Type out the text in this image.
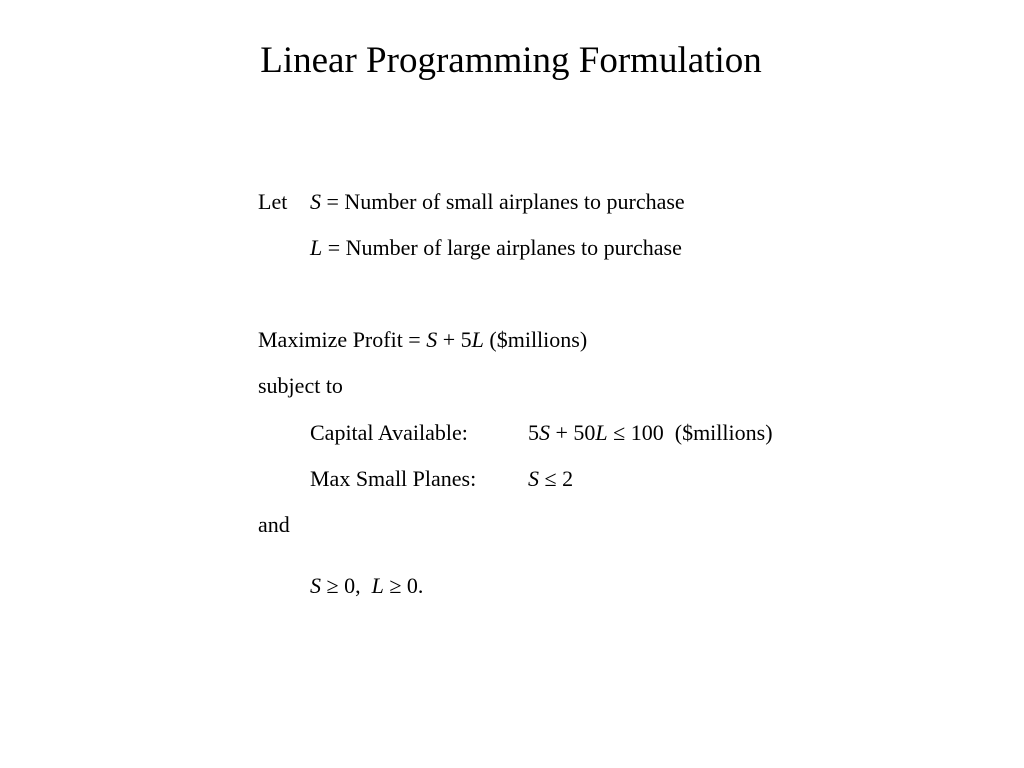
Linear Programming Formulation
Let S = Number of small airplanes to purchase
L = Number of large airplanes to purchase
Maximize Profit = S + 5L ($millions)
subject to
Capital Available:	5S + 50L ≤ 100  ($millions)
Max Small Planes: S ≤ 2
and
S ≥ 0,  L ≥ 0.
